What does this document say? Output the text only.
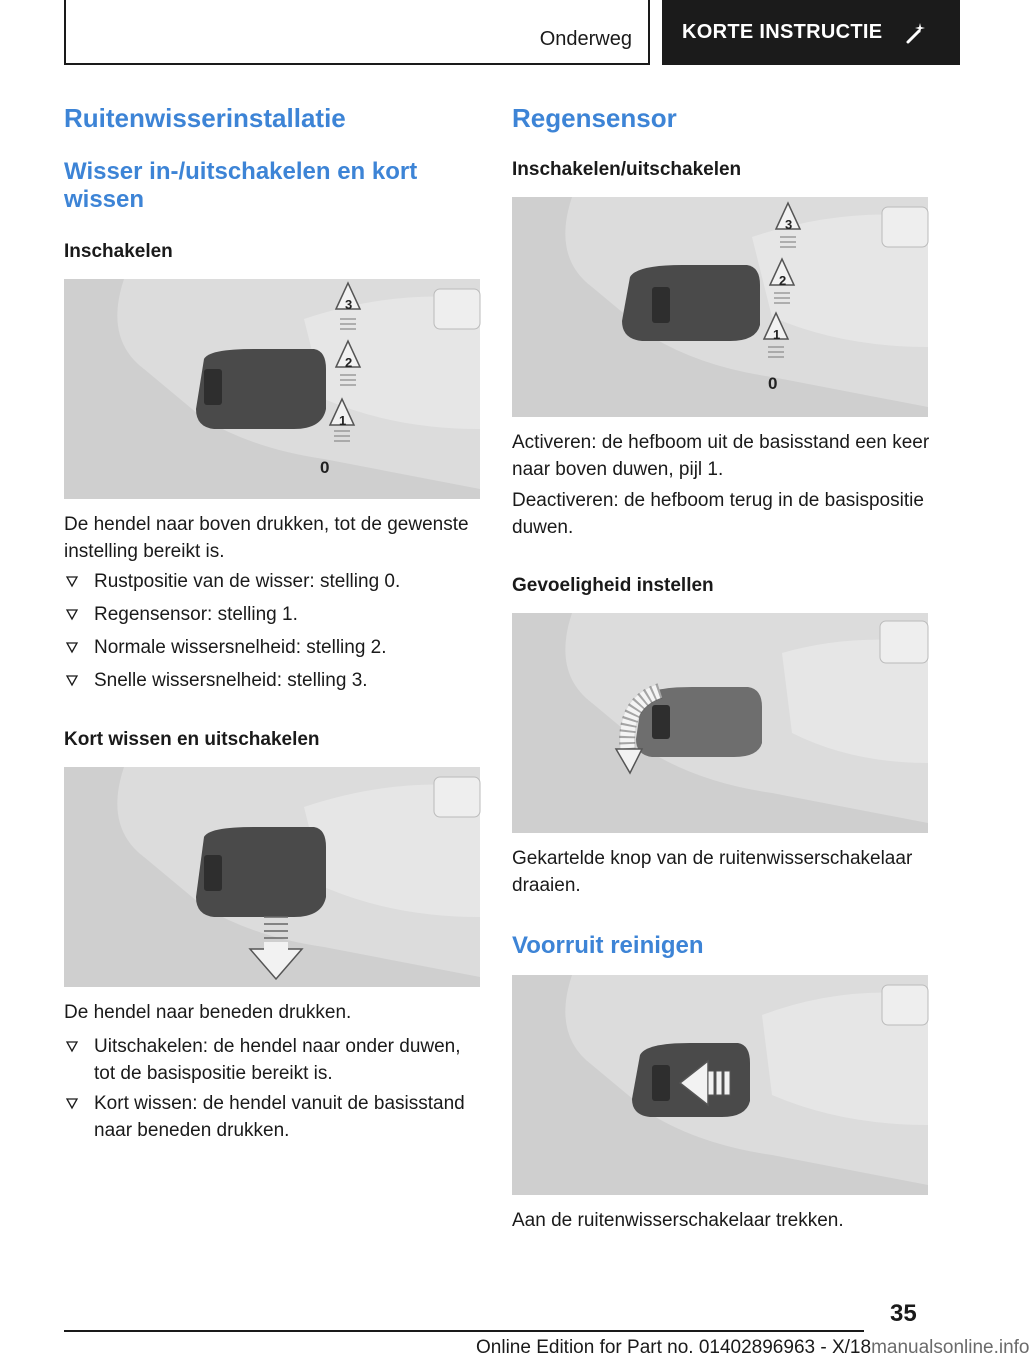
Onderweg	KORTE INSTRUCTIE
Ruitenwisserinstallatie
Wisser in-/uitschakelen en kort wissen
Inschakelen
3
2
1
0
De hendel naar boven drukken, tot de gewenste instelling bereikt is.
Rustpositie van de wisser: stelling 0.
Regensensor: stelling 1.
Normale wissersnelheid: stelling 2.
Snelle wissersnelheid: stelling 3.
Kort wissen en uitschakelen
De hendel naar beneden drukken.
Uitschakelen: de hendel naar onder duwen, tot de basispositie bereikt is.
Kort wissen: de hendel vanuit de basisstand naar beneden drukken.
Regensensor
Inschakelen/uitschakelen
3
2
1
0
Activeren: de hefboom uit de basisstand een keer naar boven duwen, pijl 1.
Deactiveren: de hefboom terug in de basispositie duwen.
Gevoeligheid instellen
Gekartelde knop van de ruitenwisserschakelaar draaien.
Voorruit reinigen
Aan de ruitenwisserschakelaar trekken.
35
Online Edition for Part no. 01402896963 - X/18manualsonline.info
